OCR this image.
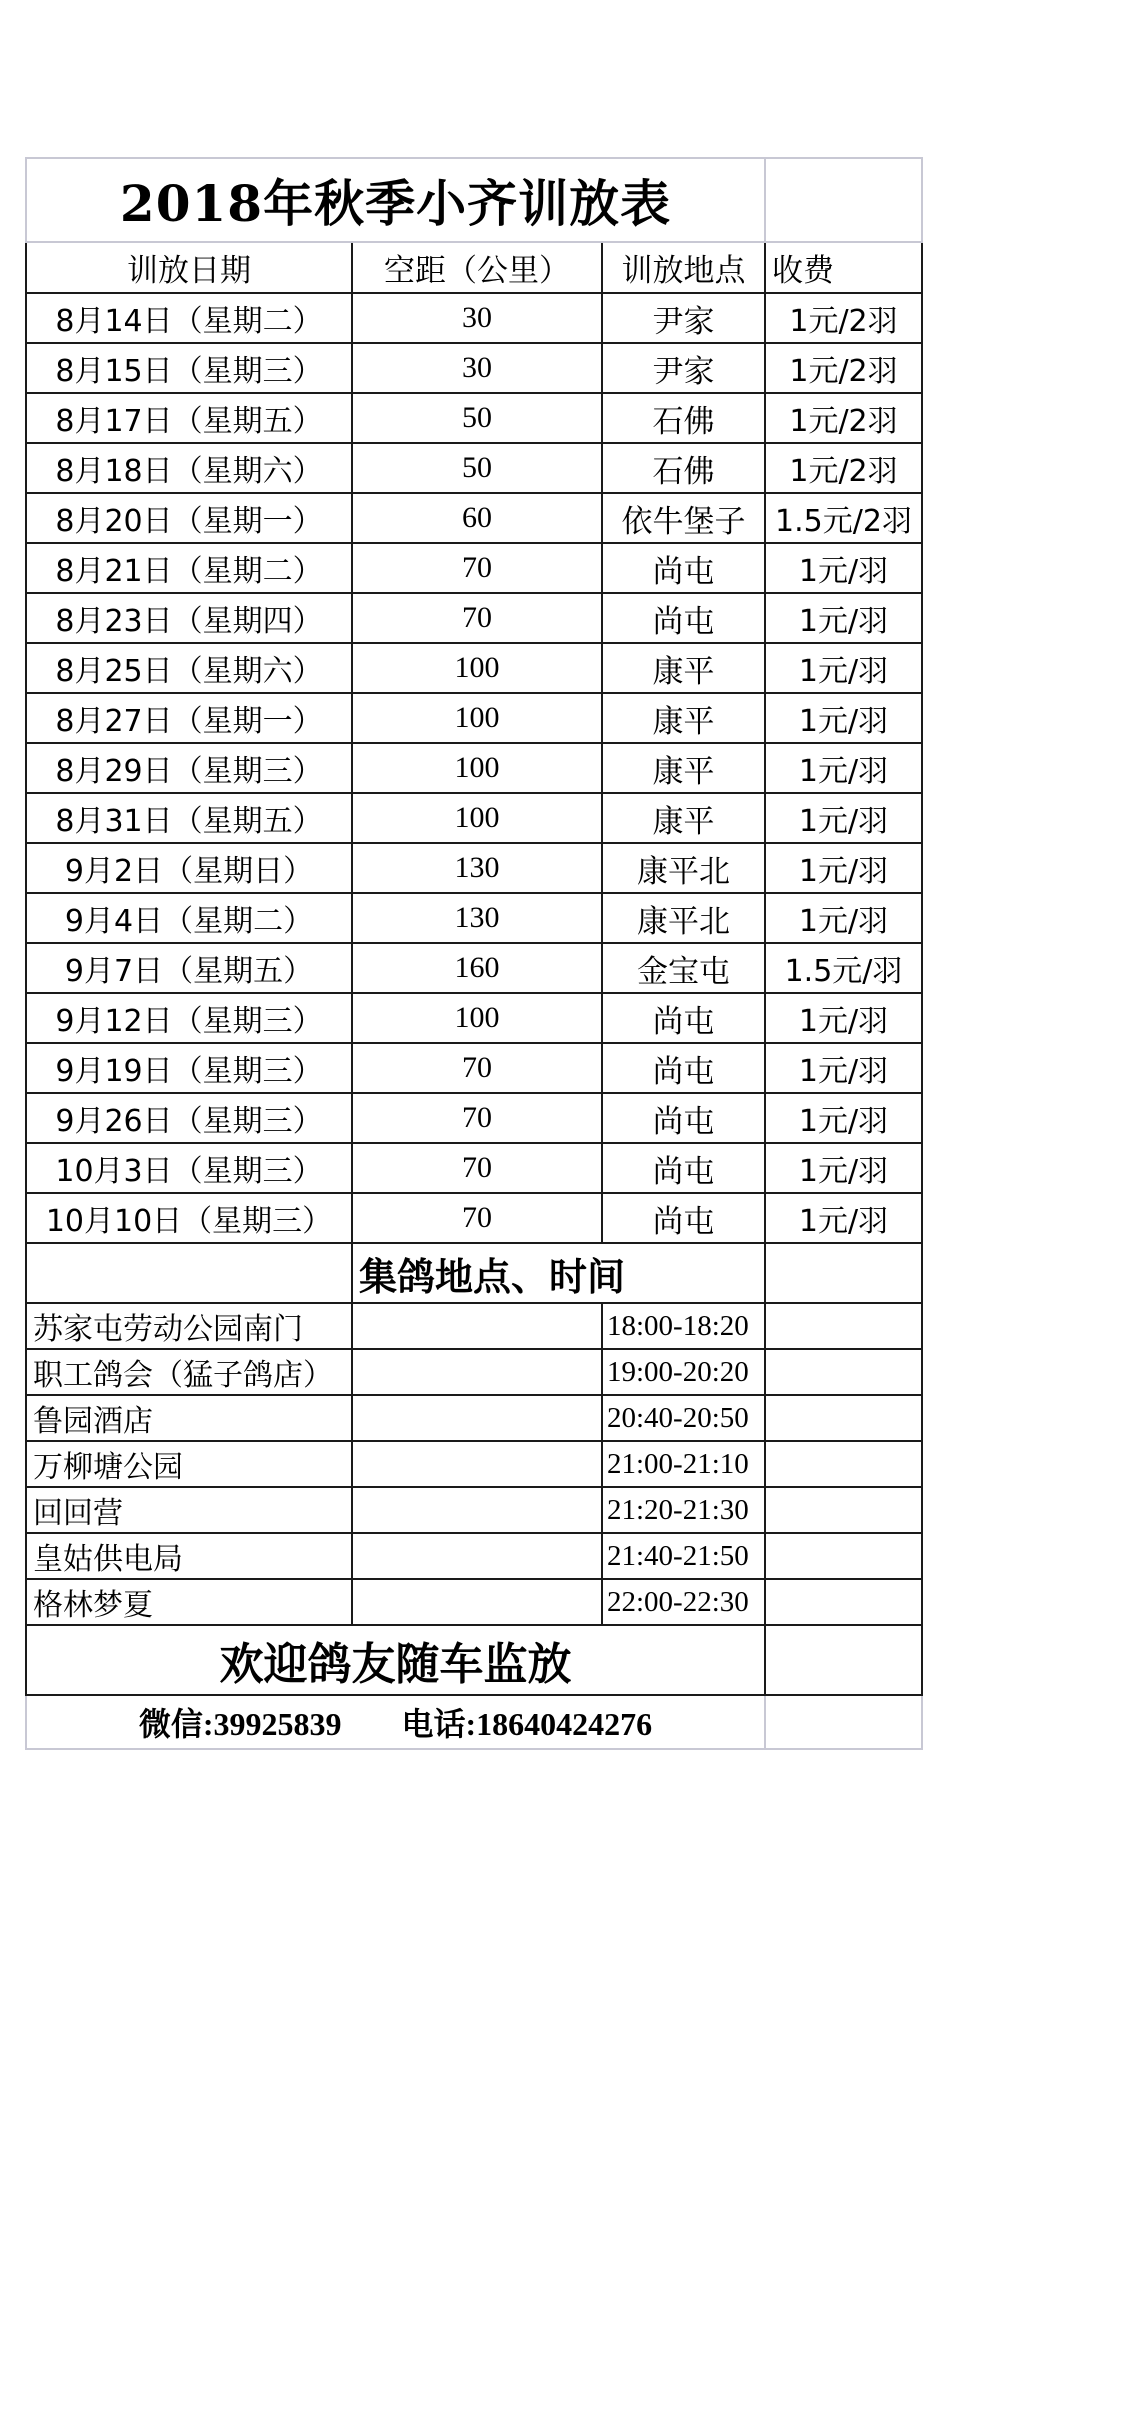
2018年秋季小齐训放表			
训放日期	空距（公里）	训放地点	收费
8月14日（星期二）	30	尹家	1元/2羽
8月15日（星期三）	30	尹家	1元/2羽
8月17日（星期五）	50	石佛	1元/2羽
8月18日（星期六）	50	石佛	1元/2羽
8月20日（星期一）	60	依牛堡子	1.5元/2羽
8月21日（星期二）	70	尚屯	1元/羽
8月23日（星期四）	70	尚屯	1元/羽
8月25日（星期六）	100	康平	1元/羽
8月27日（星期一）	100	康平	1元/羽
8月29日（星期三）	100	康平	1元/羽
8月31日（星期五）	100	康平	1元/羽
9月2日（星期日）	130	康平北	1元/羽
9月4日（星期二）	130	康平北	1元/羽
9月7日（星期五）	160	金宝屯	1.5元/羽
9月12日（星期三）	100	尚屯	1元/羽
9月19日（星期三）	70	尚屯	1元/羽
9月26日（星期三）	70	尚屯	1元/羽
10月3日（星期三）	70	尚屯	1元/羽
10月10日（星期三）	70	尚屯	1元/羽
	集鸽地点、时间		
苏家屯劳动公园南门		18:00-18:20	
职工鸽会（猛子鸽店）		19:00-20:20	
鲁园酒店		20:40-20:50	
万柳塘公园		21:00-21:10	
回回营		21:20-21:30	
皇姑供电局		21:40-21:50	
格林梦夏		22:00-22:30	
欢迎鸽友随车监放			
微信:39925839 电话:18640424276			
